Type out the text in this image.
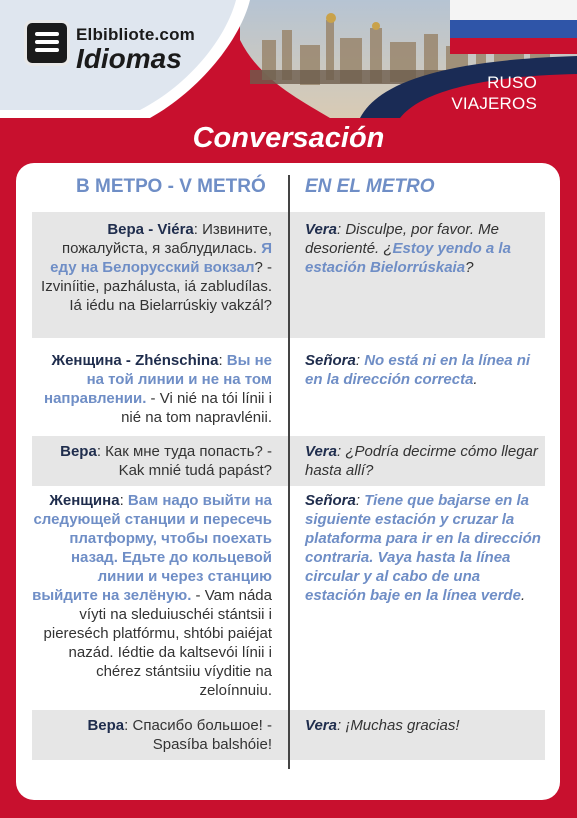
Elbibliote.com
Idiomas
RUSO
VIAJEROS
Conversación
В МЕТРО - V METRÓ EN EL METRO
Вера - Viéra: Извините, пожалуйста, я заблудилась. Я еду на Белорусский вокзал? - Izviníitie, pazhálusta, iá zabludílas. Iá iédu na Bielarrúskiy vakzál?
Vera: Disculpe, por favor. Me desorienté. ¿Estoy yendo a la estación Bielorrúskaia?
Женщина - Zhénschina: Вы не на той линии и не на том направлении. - Vi nié na tói línii i nié na tom napravlénii.
Señora: No está ni en la línea ni en la dirección correcta.
Вера: Как мне туда попасть? - Kak mnié tudá papást?
Vera: ¿Podría decirme cómo llegar hasta allí?
Женщина: Вам надо выйти на следующей станции и пересечь платформу, чтобы поехать назад. Едьте до кольцевой линии и через станцию выйдите на зелёную. - Vam náda víyti na sleduiuschéi stántsii i piereséch platfórmu, shtóbi paiéjat nazád. Iédtie da kaltsevói línii i chérez stántsiiu víyditie na zeloínnuiu.
Señora: Tiene que bajarse en la siguiente estación y cruzar la plataforma para ir en la dirección contraria. Vaya hasta la línea circular y al cabo de una estación baje en la línea verde.
Вера: Спасибо большое! - Spasíba balshóie!
Vera: ¡Muchas gracias!
